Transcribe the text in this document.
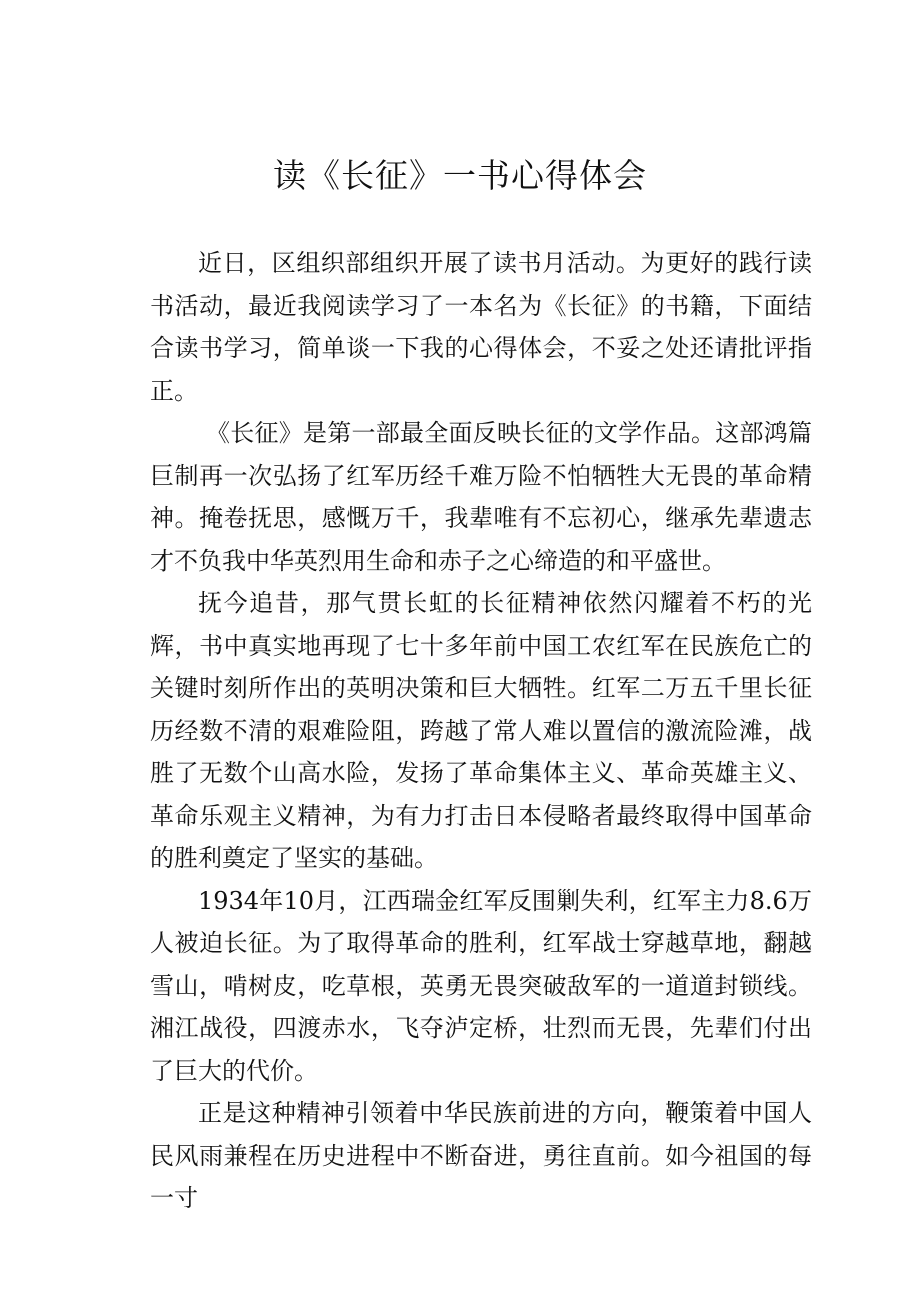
读《长征》一书心得体会

近日，区组织部组织开展了读书月活动。为更好的践行读书活动，最近我阅读学习了一本名为《长征》的书籍，下面结合读书学习，简单谈一下我的心得体会，不妥之处还请批评指正。

《长征》是第一部最全面反映长征的文学作品。这部鸿篇巨制再一次弘扬了红军历经千难万险不怕牺牲大无畏的革命精神。掩卷抚思，感慨万千，我辈唯有不忘初心，继承先辈遗志才不负我中华英烈用生命和赤子之心缔造的和平盛世。

抚今追昔，那气贯长虹的长征精神依然闪耀着不朽的光辉，书中真实地再现了七十多年前中国工农红军在民族危亡的关键时刻所作出的英明决策和巨大牺牲。红军二万五千里长征历经数不清的艰难险阻，跨越了常人难以置信的激流险滩，战胜了无数个山高水险，发扬了革命集体主义、革命英雄主义、革命乐观主义精神，为有力打击日本侵略者最终取得中国革命的胜利奠定了坚实的基础。

1934年10月，江西瑞金红军反围剿失利，红军主力8.6万人被迫长征。为了取得革命的胜利，红军战士穿越草地，翻越雪山，啃树皮，吃草根，英勇无畏突破敌军的一道道封锁线。湘江战役，四渡赤水，飞夺泸定桥，壮烈而无畏，先辈们付出了巨大的代价。

正是这种精神引领着中华民族前进的方向，鞭策着中国人民风雨兼程在历史进程中不断奋进，勇往直前。如今祖国的每一寸
